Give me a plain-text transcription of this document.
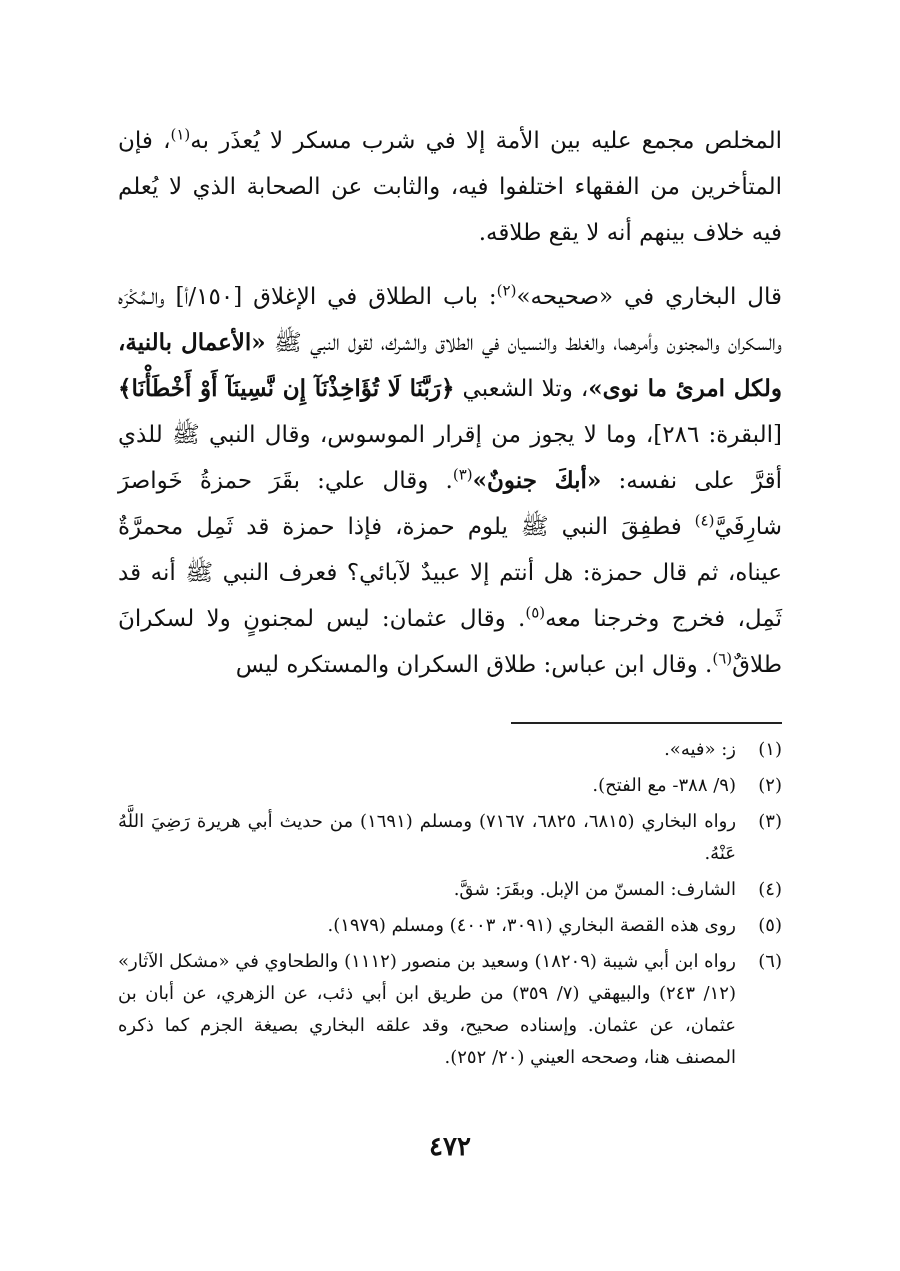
المخلص مجمع عليه بين الأمة إلا في شرب مسكر لا يُعذَر به$^{(١)}$، فإن المتأخرين من الفقهاء اختلفوا فيه، والثابت عن الصحابة الذي لا يُعلم فيه خلاف بينهم أنه لا يقع طلاقه.

قال البخاري في «صحيحه»$^{(٢)}$: باب الطلاق في الإغلاق [١٥٠/أ] والـمُكْرَه والسكران والمجنون وأمرهما، والغلط والنسيان في الطلاق والشرك، لقول النبي ﷺ «الأعمال بالنية، ولكل امرئ ما نوى»، وتلا الشعبي ﴿رَبَّنَا لَا تُؤَاخِذْنَآ إِن نَّسِينَآ أَوْ أَخْطَأْنَا﴾ [البقرة: ٢٨٦]، وما لا يجوز من إقرار الموسوس، وقال النبي ﷺ للذي أقرَّ على نفسه: «أبكَ جنونٌ»$^{(٣)}$. وقال علي: بقَرَ حمزةُ خَواصرَ شارِفَيَّ$^{(٤)}$ فطفِقَ النبي ﷺ يلوم حمزة، فإذا حمزة قد ثَمِل محمرَّةٌ عيناه، ثم قال حمزة: هل أنتم إلا عبيدٌ لآبائي؟ فعرف النبي ﷺ أنه قد ثَمِل، فخرج وخرجنا معه$^{(٥)}$. وقال عثمان: ليس لمجنونٍ ولا لسكرانَ طلاقٌ$^{(٦)}$. وقال ابن عباس: طلاق السكران والمستكره ليس

(١)
ز: «فيه».
(٢)
(٩/ ٣٨٨- مع الفتح).
(٣)
رواه البخاري (٦٨١٥، ٦٨٢٥، ٧١٦٧) ومسلم (١٦٩١) من حديث أبي هريرة رَضِيَ اللَّهُ عَنْهُ.
(٤)
الشارف: المسنّ من الإبل. وبقَرَ: شقَّ.
(٥)
روى هذه القصة البخاري (٣٠٩١، ٤٠٠٣) ومسلم (١٩٧٩).
(٦)
رواه ابن أبي شيبة (١٨٢٠٩) وسعيد بن منصور (١١١٢) والطحاوي في «مشكل الآثار» (١٢/ ٢٤٣) والبيهقي (٧/ ٣٥٩) من طريق ابن أبي ذئب، عن الزهري، عن أبان بن عثمان، عن عثمان. وإسناده صحيح، وقد علقه البخاري بصيغة الجزم كما ذكره المصنف هنا، وصححه العيني (٢٠/ ٢٥٢).
٤٧٢
